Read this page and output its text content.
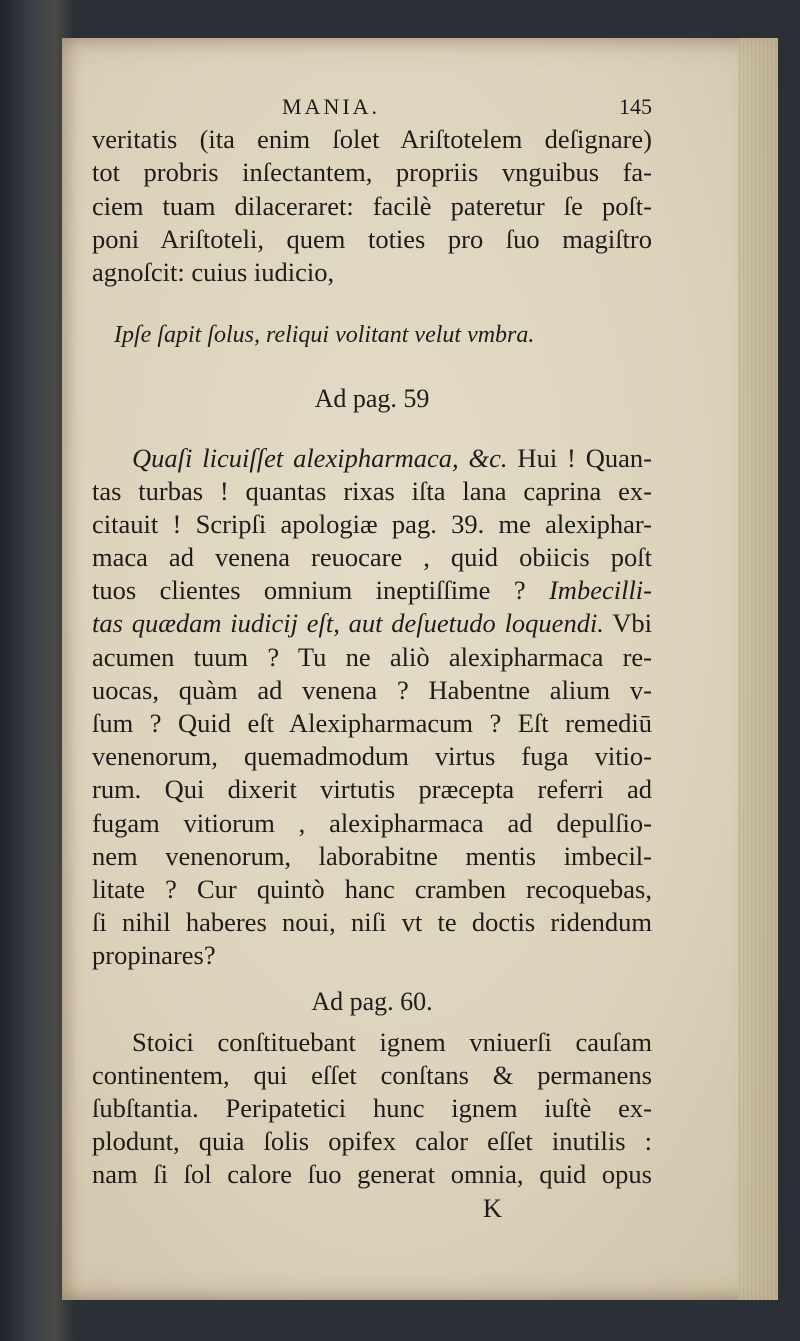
MANIA.	145
veritatis (ita enim ſolet Ariſtotelem deſignare)
tot probris inſectantem, propriis vnguibus fa-
ciem tuam dilaceraret: facilè pateretur ſe poſt-
poni Ariſtoteli, quem toties pro ſuo magiſtro
agnoſcit: cuius iudicio,
Ipſe ſapit ſolus, reliqui volitant velut vmbra.
Ad pag. 59
Quaſi licuiſſet alexipharmaca, &c. Hui ! Quan-
tas turbas ! quantas rixas iſta lana caprina ex-
citauit ! Scripſi apologiæ pag. 39. me alexiphar-
maca ad venena reuocare , quid obiicis poſt
tuos clientes omnium ineptiſſime ? Imbecilli-
tas quædam iudicij eſt, aut deſuetudo loquendi. Vbi
acumen tuum ? Tu ne aliò alexipharmaca re-
uocas, quàm ad venena ? Habentne alium v-
ſum ? Quid eſt Alexipharmacum ? Eſt remediū
venenorum, quemadmodum virtus fuga vitio-
rum. Qui dixerit virtutis præcepta referri ad
fugam vitiorum , alexipharmaca ad depulſio-
nem venenorum, laborabitne mentis imbecil-
litate ? Cur quintò hanc cramben recoquebas,
ſi nihil haberes noui, niſi vt te doctis ridendum
propinares?
Ad pag. 60.
Stoici conſtituebant ignem vniuerſi cauſam
continentem, qui eſſet conſtans & permanens
ſubſtantia. Peripatetici hunc ignem iuſtè ex-
plodunt, quia ſolis opifex calor eſſet inutilis :
nam ſi ſol calore ſuo generat omnia, quid opus
K
